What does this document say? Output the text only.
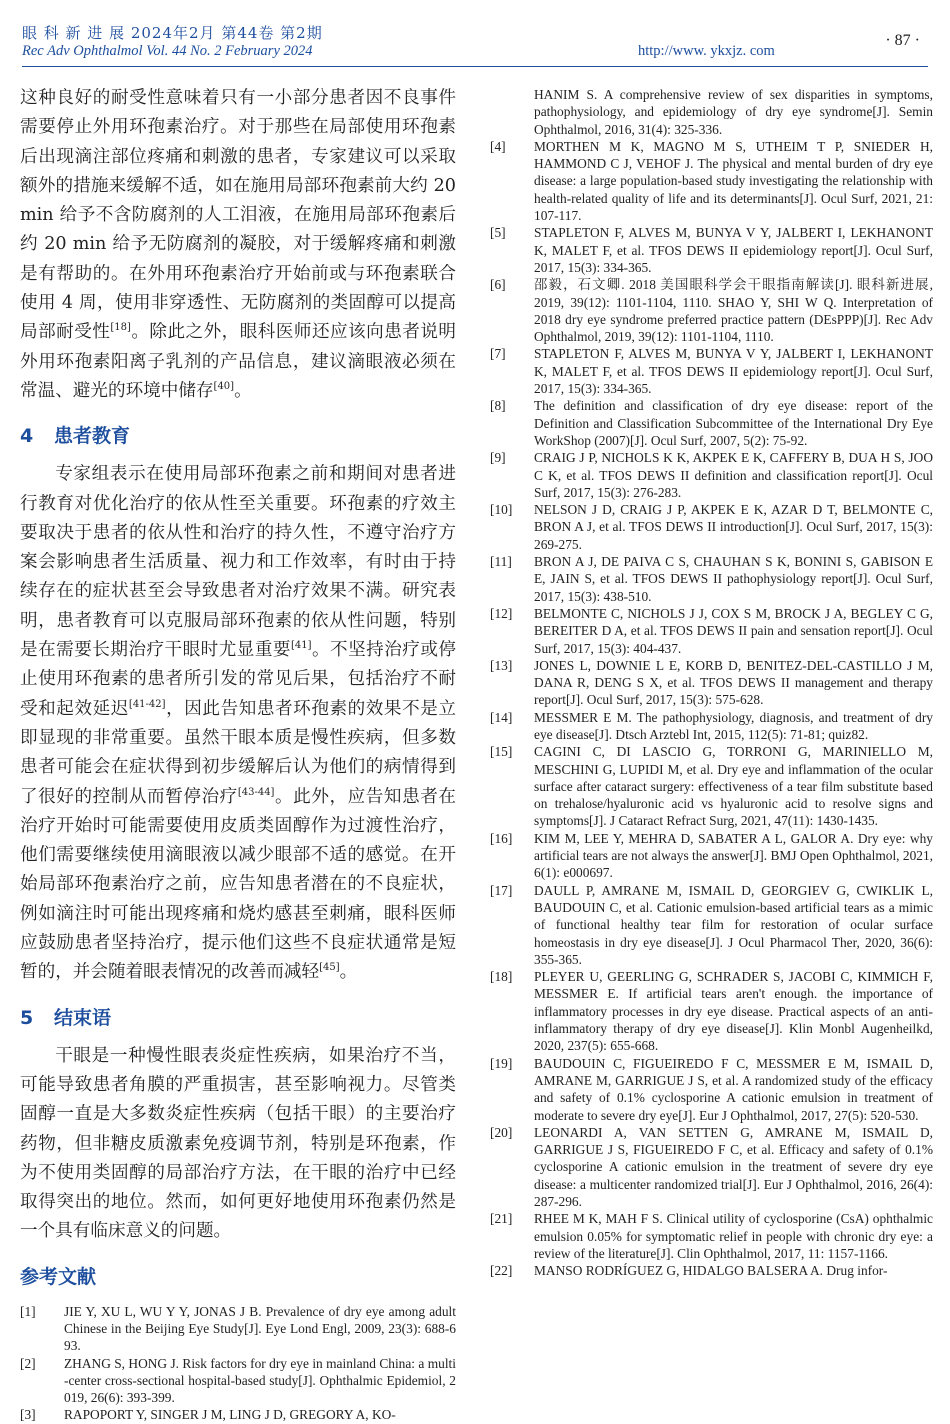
眼 科 新 进 展 2024年2月 第44卷 第2期
Rec Adv Ophthalmol Vol. 44 No. 2 February 2024	http://www. ykxjz. com
· 87 ·

这种良好的耐受性意味着只有一小部分患者因不良事件需要停止外用环孢素治疗。对于那些在局部使用环孢素后出现滴注部位疼痛和刺激的患者，专家建议可以采取额外的措施来缓解不适，如在施用局部环孢素前大约 20 min 给予不含防腐剂的人工泪液，在施用局部环孢素后约 20 min 给予无防腐剂的凝胶，对于缓解疼痛和刺激是有帮助的。在外用环孢素治疗开始前或与环孢素联合使用 4 周，使用非穿透性、无防腐剂的类固醇可以提高局部耐受性[18]。除此之外，眼科医师还应该向患者说明外用环孢素阳离子乳剂的产品信息，建议滴眼液必须在常温、避光的环境中储存[40]。

4 患者教育

专家组表示在使用局部环孢素之前和期间对患者进行教育对优化治疗的依从性至关重要。环孢素的疗效主要取决于患者的依从性和治疗的持久性，不遵守治疗方案会影响患者生活质量、视力和工作效率，有时由于持续存在的症状甚至会导致患者对治疗效果不满。研究表明，患者教育可以克服局部环孢素的依从性问题，特别是在需要长期治疗干眼时尤显重要[41]。不坚持治疗或停止使用环孢素的患者所引发的常见后果，包括治疗不耐受和起效延迟[41-42]，因此告知患者环孢素的效果不是立即显现的非常重要。虽然干眼本质是慢性疾病，但多数患者可能会在症状得到初步缓解后认为他们的病情得到了很好的控制从而暂停治疗[43-44]。此外，应告知患者在治疗开始时可能需要使用皮质类固醇作为过渡性治疗，他们需要继续使用滴眼液以减少眼部不适的感觉。在开始局部环孢素治疗之前，应告知患者潜在的不良症状，例如滴注时可能出现疼痛和烧灼感甚至刺痛，眼科医师应鼓励患者坚持治疗，提示他们这些不良症状通常是短暂的，并会随着眼表情况的改善而减轻[45]。

5 结束语

干眼是一种慢性眼表炎症性疾病，如果治疗不当，可能导致患者角膜的严重损害，甚至影响视力。尽管类固醇一直是大多数炎症性疾病（包括干眼）的主要治疗药物，但非糖皮质激素免疫调节剂，特别是环孢素，作为不使用类固醇的局部治疗方法，在干眼的治疗中已经取得突出的地位。然而，如何更好地使用环孢素仍然是一个具有临床意义的问题。

参考文献
[ 1 ]	JIE Y, XU L, WU Y Y, JONAS J B. Prevalence of dry eye among adult Chinese in the Beijing Eye Study[J]. Eye Lond Engl, 2009, 23(3): 688-693.
[ 2 ]	ZHANG S, HONG J. Risk factors for dry eye in mainland China: a multi-center cross-sectional hospital-based study[J]. Ophthalmic Epidemiol, 2019, 26(6): 393-399.
[ 3 ]	RAPOPORT Y, SINGER J M, LING J D, GREGORY A, KO-
HANIM S. A comprehensive review of sex disparities in symptoms, pathophysiology, and epidemiology of dry eye syndrome[J]. Semin Ophthalmol, 2016, 31(4): 325-336.
[ 4 ]	MORTHEN M K, MAGNO M S, UTHEIM T P, SNIEDER H, HAMMOND C J, VEHOF J. The physical and mental burden of dry eye disease: a large population-based study investigating the relationship with health-related quality of life and its determinants[J]. Ocul Surf, 2021, 21: 107-117.
[ 5 ]	STAPLETON F, ALVES M, BUNYA V Y, JALBERT I, LEKHANONT K, MALET F, et al. TFOS DEWS II epidemiology report[J]. Ocul Surf, 2017, 15(3): 334-365.
[ 6 ]	邵毅，石文卿. 2018 美国眼科学会干眼指南解读[J]. 眼科新进展, 2019, 39(12): 1101-1104, 1110. SHAO Y, SHI W Q. Interpretation of 2018 dry eye syndrome preferred practice pattern (DEsPPP)[J]. Rec Adv Ophthalmol, 2019, 39(12): 1101-1104, 1110.
[ 7 ]	STAPLETON F, ALVES M, BUNYA V Y, JALBERT I, LEKHANONT K, MALET F, et al. TFOS DEWS II epidemiology report[J]. Ocul Surf, 2017, 15(3): 334-365.
[ 8 ]	The definition and classification of dry eye disease: report of the Definition and Classification Subcommittee of the International Dry Eye WorkShop (2007)[J]. Ocul Surf, 2007, 5(2): 75-92.
[ 9 ]	CRAIG J P, NICHOLS K K, AKPEK E K, CAFFERY B, DUA H S, JOO C K, et al. TFOS DEWS II definition and classification report[J]. Ocul Surf, 2017, 15(3): 276-283.
[ 10 ]	NELSON J D, CRAIG J P, AKPEK E K, AZAR D T, BELMONTE C, BRON A J, et al. TFOS DEWS II introduction[J]. Ocul Surf, 2017, 15(3): 269-275.
[ 11 ]	BRON A J, DE PAIVA C S, CHAUHAN S K, BONINI S, GABISON E E, JAIN S, et al. TFOS DEWS II pathophysiology report[J]. Ocul Surf, 2017, 15(3): 438-510.
[ 12 ]	BELMONTE C, NICHOLS J J, COX S M, BROCK J A, BEGLEY C G, BEREITER D A, et al. TFOS DEWS II pain and sensation report[J]. Ocul Surf, 2017, 15(3): 404-437.
[ 13 ]	JONES L, DOWNIE L E, KORB D, BENITEZ-DEL-CASTILLO J M, DANA R, DENG S X, et al. TFOS DEWS II management and therapy report[J]. Ocul Surf, 2017, 15(3): 575-628.
[ 14 ]	MESSMER E M. The pathophysiology, diagnosis, and treatment of dry eye disease[J]. Dtsch Arztebl Int, 2015, 112(5): 71-81; quiz82.
[ 15 ]	CAGINI C, DI LASCIO G, TORRONI G, MARINIELLO M, MESCHINI G, LUPIDI M, et al. Dry eye and inflammation of the ocular surface after cataract surgery: effectiveness of a tear film substitute based on trehalose/hyaluronic acid vs hyaluronic acid to resolve signs and symptoms[J]. J Cataract Refract Surg, 2021, 47(11): 1430-1435.
[ 16 ]	KIM M, LEE Y, MEHRA D, SABATER A L, GALOR A. Dry eye: why artificial tears are not always the answer[J]. BMJ Open Ophthalmol, 2021, 6(1): e000697.
[ 17 ]	DAULL P, AMRANE M, ISMAIL D, GEORGIEV G, CWIKLIK L, BAUDOUIN C, et al. Cationic emulsion-based artificial tears as a mimic of functional healthy tear film for restoration of ocular surface homeostasis in dry eye disease[J]. J Ocul Pharmacol Ther, 2020, 36(6): 355-365.
[ 18 ]	PLEYER U, GEERLING G, SCHRADER S, JACOBI C, KIMMICH F, MESSMER E. If artificial tears aren't enough. the importance of inflammatory processes in dry eye disease. Practical aspects of an anti-inflammatory therapy of dry eye disease[J]. Klin Monbl Augenheilkd, 2020, 237(5): 655-668.
[ 19 ]	BAUDOUIN C, FIGUEIREDO F C, MESSMER E M, ISMAIL D, AMRANE M, GARRIGUE J S, et al. A randomized study of the efficacy and safety of 0.1% cyclosporine A cationic emulsion in treatment of moderate to severe dry eye[J]. Eur J Ophthalmol, 2017, 27(5): 520-530.
[ 20 ]	LEONARDI A, VAN SETTEN G, AMRANE M, ISMAIL D, GARRIGUE J S, FIGUEIREDO F C, et al. Efficacy and safety of 0.1% cyclosporine A cationic emulsion in the treatment of severe dry eye disease: a multicenter randomized trial[J]. Eur J Ophthalmol, 2016, 26(4): 287-296.
[ 21 ]	RHEE M K, MAH F S. Clinical utility of cyclosporine (CsA) ophthalmic emulsion 0.05% for symptomatic relief in people with chronic dry eye: a review of the literature[J]. Clin Ophthalmol, 2017, 11: 1157-1166.
[ 22 ]	MANSO RODRÍGUEZ G, HIDALGO BALSERA A. Drug infor-
